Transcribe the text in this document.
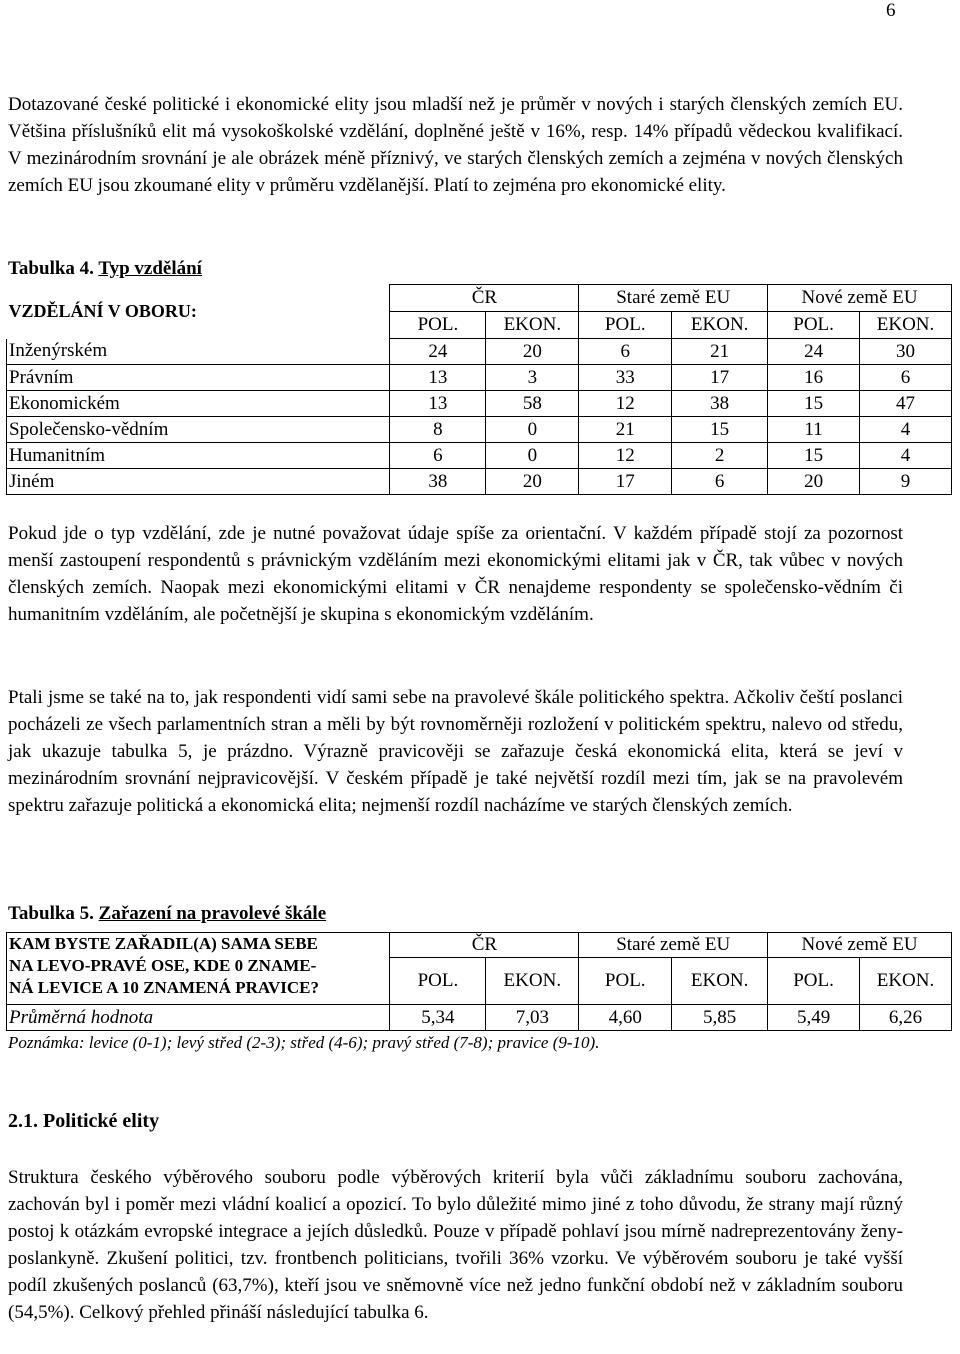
6

Dotazované české politické i ekonomické elity jsou mladší než je průměr v nových i starých členských zemích EU. Většina příslušníků elit má vysokoškolské vzdělání, doplněné ještě v 16%, resp. 14% případů vědeckou kvalifikací. V mezinárodním srovnání je ale obrázek méně příznivý, ve starých členských zemích a zejména v nových členských zemích EU jsou zkoumané elity v průměru vzdělanější. Platí to zejména pro ekonomické elity.

Tabulka 4. Typ vzdělání

VZDĚLÁNÍ V OBORU:	ČR		Staré země EU		Nové země EU	
	POL.	EKON.	POL.	EKON.	POL.	EKON.
Inženýrském	24	20	6	21	24	30
Právním	13	3	33	17	16	6
Ekonomickém	13	58	12	38	15	47
Společensko-vědním	8	0	21	15	11	4
Humanitním	6	0	12	2	15	4
Jiném	38	20	17	6	20	9

Pokud jde o typ vzdělání, zde je nutné považovat údaje spíše za orientační. V každém případě stojí za pozornost menší zastoupení respondentů s právnickým vzděláním mezi ekonomickými elitami jak v ČR, tak vůbec v nových členských zemích. Naopak mezi ekonomickými elitami v ČR nenajdeme respondenty se společensko-vědním či humanitním vzděláním, ale početnější je skupina s ekonomickým vzděláním.

Ptali jsme se také na to, jak respondenti vidí sami sebe na pravolevé škále politického spektra. Ačkoliv čeští poslanci pocházeli ze všech parlamentních stran a měli by být rovnoměrněji rozložení v politickém spektru, nalevo od středu, jak ukazuje tabulka 5, je prázdno. Výrazně pravicověji se zařazuje česká ekonomická elita, která se jeví v mezinárodním srovnání nejpravicovější. V českém případě je také největší rozdíl mezi tím, jak se na pravolevém spektru zařazuje politická a ekonomická elita; nejmenší rozdíl nacházíme ve starých členských zemích.

Tabulka 5. Zařazení na pravolevé škále

KAM BYSTE ZAŘADIL(A) SAMA SEBE
NA LEVO-PRAVÉ OSE, KDE 0 ZNAME-
NÁ LEVICE A 10 ZNAMENÁ PRAVICE?	ČR		Staré země EU		Nové země EU	
	POL.	EKON.	POL.	EKON.	POL.	EKON.
Průměrná hodnota	5,34	7,03	4,60	5,85	5,49	6,26

Poznámka: levice (0-1); levý střed (2-3); střed (4-6); pravý střed (7-8); pravice (9-10).

2.1. Politické elity

Struktura českého výběrového souboru podle výběrových kriterií byla vůči základnímu souboru zachována, zachován byl i poměr mezi vládní koalicí a opozicí. To bylo důležité mimo jiné z toho důvodu, že strany mají různý postoj k otázkám evropské integrace a jejích důsledků. Pouze v případě pohlaví jsou mírně nadreprezentovány ženy-poslankyně. Zkušení politici, tzv. frontbench politicians, tvořili 36% vzorku. Ve výběrovém souboru je také vyšší podíl zkušených poslanců (63,7%), kteří jsou ve sněmovně více než jedno funkční období než v základním souboru (54,5%). Celkový přehled přináší následující tabulka 6.
